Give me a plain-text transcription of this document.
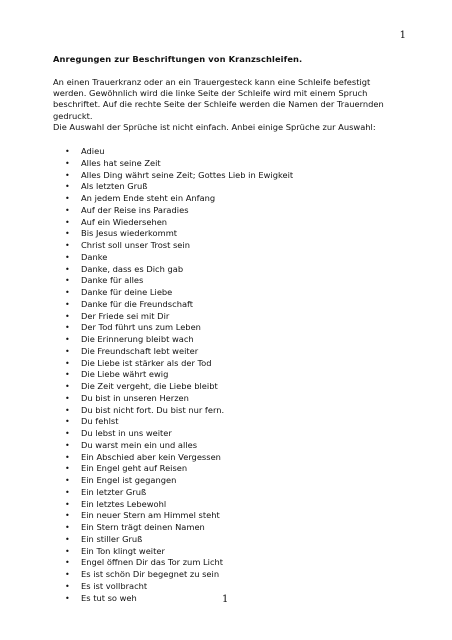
1

Anregungen zur Beschriftungen von Kranzschleifen.

An einen Trauerkranz oder an ein Trauergesteck kann eine Schleife befestigt
werden. Gewöhnlich wird die linke Seite der Schleife wird mit einem Spruch
beschriftet. Auf die rechte Seite der Schleife werden die Namen der Trauernden
gedruckt.
Die Auswahl der Sprüche ist nicht einfach. Anbei einige Sprüche zur Auswahl:

• Adieu
• Alles hat seine Zeit
• Alles Ding währt seine Zeit; Gottes Lieb in Ewigkeit
• Als letzten Gruß
• An jedem Ende steht ein Anfang
• Auf der Reise ins Paradies
• Auf ein Wiedersehen
• Bis Jesus wiederkommt
• Christ soll unser Trost sein
• Danke
• Danke, dass es Dich gab
• Danke für alles
• Danke für deine Liebe
• Danke für die Freundschaft
• Der Friede sei mit Dir
• Der Tod führt uns zum Leben
• Die Erinnerung bleibt wach
• Die Freundschaft lebt weiter
• Die Liebe ist stärker als der Tod
• Die Liebe währt ewig
• Die Zeit vergeht, die Liebe bleibt
• Du bist in unseren Herzen
• Du bist nicht fort. Du bist nur fern.
• Du fehlst
• Du lebst in uns weiter
• Du warst mein ein und alles
• Ein Abschied aber kein Vergessen
• Ein Engel geht auf Reisen
• Ein Engel ist gegangen
• Ein letzter Gruß
• Ein letztes Lebewohl
• Ein neuer Stern am Himmel steht
• Ein Stern trägt deinen Namen
• Ein stiller Gruß
• Ein Ton klingt weiter
• Engel öffnen Dir das Tor zum Licht
• Es ist schön Dir begegnet zu sein
• Es ist vollbracht
• Es tut so weh	1
